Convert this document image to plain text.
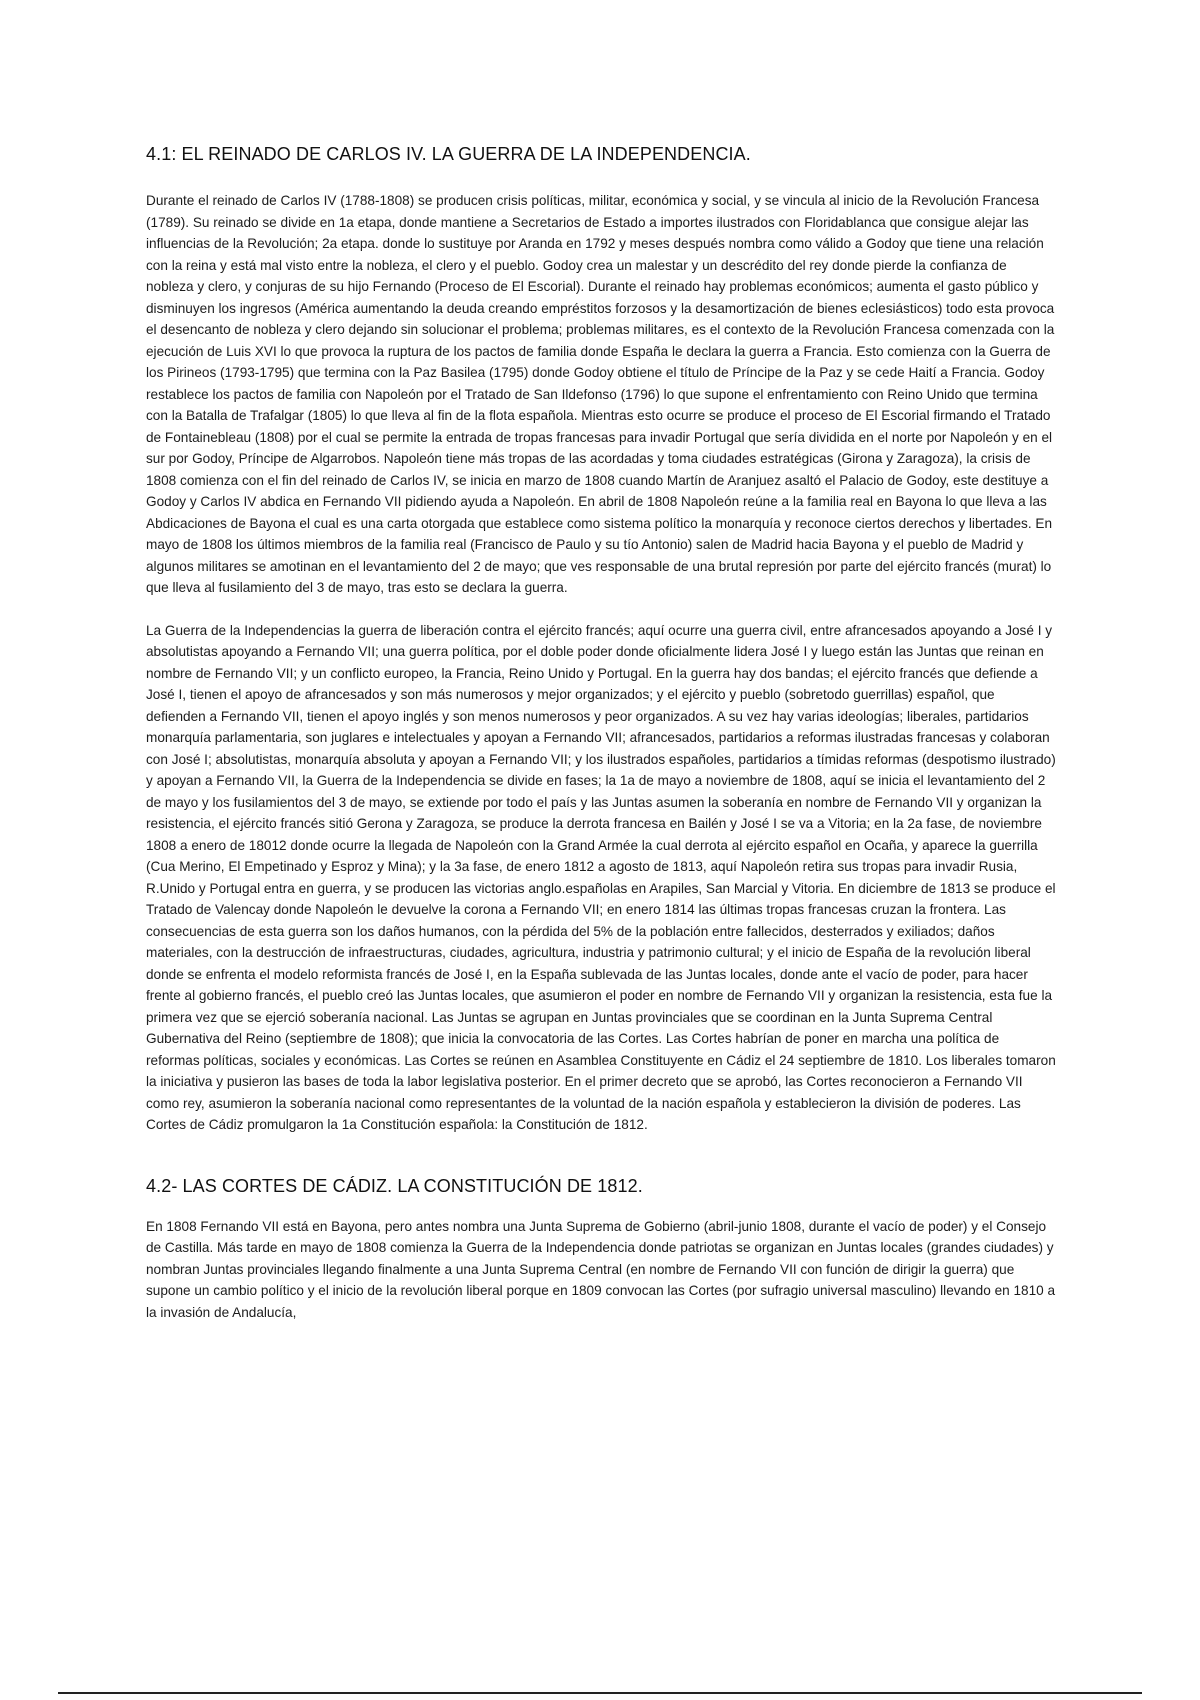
4.1: EL REINADO DE CARLOS IV. LA GUERRA DE LA INDEPENDENCIA.

Durante el reinado de Carlos IV (1788-1808) se producen crisis políticas, militar, económica y social, y se vincula al inicio de la Revolución Francesa (1789). Su reinado se divide en 1a etapa, donde mantiene a Secretarios de Estado a importes ilustrados con Floridablanca que consigue alejar las influencias de la Revolución; 2a etapa. donde lo sustituye por Aranda en 1792 y meses después nombra como válido a Godoy que tiene una relación con la reina y está mal visto entre la nobleza, el clero y el pueblo. Godoy crea un malestar y un descrédito del rey donde pierde la confianza de nobleza y clero, y conjuras de su hijo Fernando (Proceso de El Escorial). Durante el reinado hay problemas económicos; aumenta el gasto público y disminuyen los ingresos (América aumentando la deuda creando empréstitos forzosos y la desamortización de bienes eclesiásticos) todo esta provoca el desencanto de nobleza y clero dejando sin solucionar el problema; problemas militares, es el contexto de la Revolución Francesa comenzada con la ejecución de Luis XVI lo que provoca la ruptura de los pactos de familia donde España le declara la guerra a Francia. Esto comienza con la Guerra de los Pirineos (1793-1795) que termina con la Paz Basilea (1795) donde Godoy obtiene el título de Príncipe de la Paz y se cede Haití a Francia. Godoy restablece los pactos de familia con Napoleón por el Tratado de San Ildefonso (1796) lo que supone el enfrentamiento con Reino Unido que termina con la Batalla de Trafalgar (1805) lo que lleva al fin de la flota española. Mientras esto ocurre se produce el proceso de El Escorial firmando el Tratado de Fontainebleau (1808) por el cual se permite la entrada de tropas francesas para invadir Portugal que sería dividida en el norte por Napoleón y en el sur por Godoy, Príncipe de Algarrobos. Napoleón tiene más tropas de las acordadas y toma ciudades estratégicas (Girona y Zaragoza), la crisis de 1808 comienza con el fin del reinado de Carlos IV, se inicia en marzo de 1808 cuando Martín de Aranjuez asaltó el Palacio de Godoy, este destituye a Godoy y Carlos IV abdica en Fernando VII pidiendo ayuda a Napoleón. En abril de 1808 Napoleón reúne a la familia real en Bayona lo que lleva a las Abdicaciones de Bayona el cual es una carta otorgada que establece como sistema político la monarquía y reconoce ciertos derechos y libertades. En mayo de 1808 los últimos miembros de la familia real (Francisco de Paulo y su tío Antonio) salen de Madrid hacia Bayona y el pueblo de Madrid y algunos militares se amotinan en el levantamiento del 2 de mayo; que ves responsable de una brutal represión por parte del ejército francés (murat) lo que lleva al fusilamiento del 3 de mayo, tras esto se declara la guerra.

La Guerra de la Independencias la guerra de liberación contra el ejército francés; aquí ocurre una guerra civil, entre afrancesados apoyando a José I y absolutistas apoyando a Fernando VII; una guerra política, por el doble poder donde oficialmente lidera José I y luego están las Juntas que reinan en nombre de Fernando VII; y un conflicto europeo, la Francia, Reino Unido y Portugal. En la guerra hay dos bandas; el ejército francés que defiende a José I, tienen el apoyo de afrancesados y son más numerosos y mejor organizados; y el ejército y pueblo (sobretodo guerrillas) español, que defienden a Fernando VII, tienen el apoyo inglés y son menos numerosos y peor organizados. A su vez hay varias ideologías; liberales, partidarios monarquía parlamentaria, son juglares e intelectuales y apoyan a Fernando VII; afrancesados, partidarios a reformas ilustradas francesas y colaboran con José I; absolutistas, monarquía absoluta y apoyan a Fernando VII; y los ilustrados españoles, partidarios a tímidas reformas (despotismo ilustrado) y apoyan a Fernando VII, la Guerra de la Independencia se divide en fases; la 1a de mayo a noviembre de 1808, aquí se inicia el levantamiento del 2 de mayo y los fusilamientos del 3 de mayo, se extiende por todo el país y las Juntas asumen la soberanía en nombre de Fernando VII y organizan la resistencia, el ejército francés sitió Gerona y Zaragoza, se produce la derrota francesa en Bailén y José I se va a Vitoria; en la 2a fase, de noviembre 1808 a enero de 18012 donde ocurre la llegada de Napoleón con la Grand Armée la cual derrota al ejército español en Ocaña, y aparece la guerrilla (Cua Merino, El Empetinado y Esproz y Mina); y la 3a fase, de enero 1812 a agosto de 1813, aquí Napoleón retira sus tropas para invadir Rusia, R.Unido y Portugal entra en guerra, y se producen las victorias anglo.españolas en Arapiles, San Marcial y Vitoria. En diciembre de 1813 se produce el Tratado de Valencay donde Napoleón le devuelve la corona a Fernando VII; en enero 1814 las últimas tropas francesas cruzan la frontera. Las consecuencias de esta guerra son los daños humanos, con la pérdida del 5% de la población entre fallecidos, desterrados y exiliados; daños materiales, con la destrucción de infraestructuras, ciudades, agricultura, industria y patrimonio cultural; y el inicio de España de la revolución liberal donde se enfrenta el modelo reformista francés de José I, en la España sublevada de las Juntas locales, donde ante el vacío de poder, para hacer frente al gobierno francés, el pueblo creó las Juntas locales, que asumieron el poder en nombre de Fernando VII y organizan la resistencia, esta fue la primera vez que se ejerció soberanía nacional. Las Juntas se agrupan en Juntas provinciales que se coordinan en la Junta Suprema Central Gubernativa del Reino (septiembre de 1808); que inicia la convocatoria de las Cortes. Las Cortes habrían de poner en marcha una política de reformas políticas, sociales y económicas. Las Cortes se reúnen en Asamblea Constituyente en Cádiz el 24 septiembre de 1810. Los liberales tomaron la iniciativa y pusieron las bases de toda la labor legislativa posterior. En el primer decreto que se aprobó, las Cortes reconocieron a Fernando VII como rey, asumieron la soberanía nacional como representantes de la voluntad de la nación española y establecieron la división de poderes. Las Cortes de Cádiz promulgaron la 1a Constitución española: la Constitución de 1812.

4.2- LAS CORTES DE CÁDIZ. LA CONSTITUCIÓN DE 1812.

En 1808 Fernando VII está en Bayona, pero antes nombra una Junta Suprema de Gobierno (abril-junio 1808, durante el vacío de poder) y el Consejo de Castilla. Más tarde en mayo de 1808 comienza la Guerra de la Independencia donde patriotas se organizan en Juntas locales (grandes ciudades) y nombran Juntas provinciales llegando finalmente a una Junta Suprema Central (en nombre de Fernando VII con función de dirigir la guerra) que supone un cambio político y el inicio de la revolución liberal porque en 1809 convocan las Cortes (por sufragio universal masculino) llevando en 1810 a la invasión de Andalucía,
